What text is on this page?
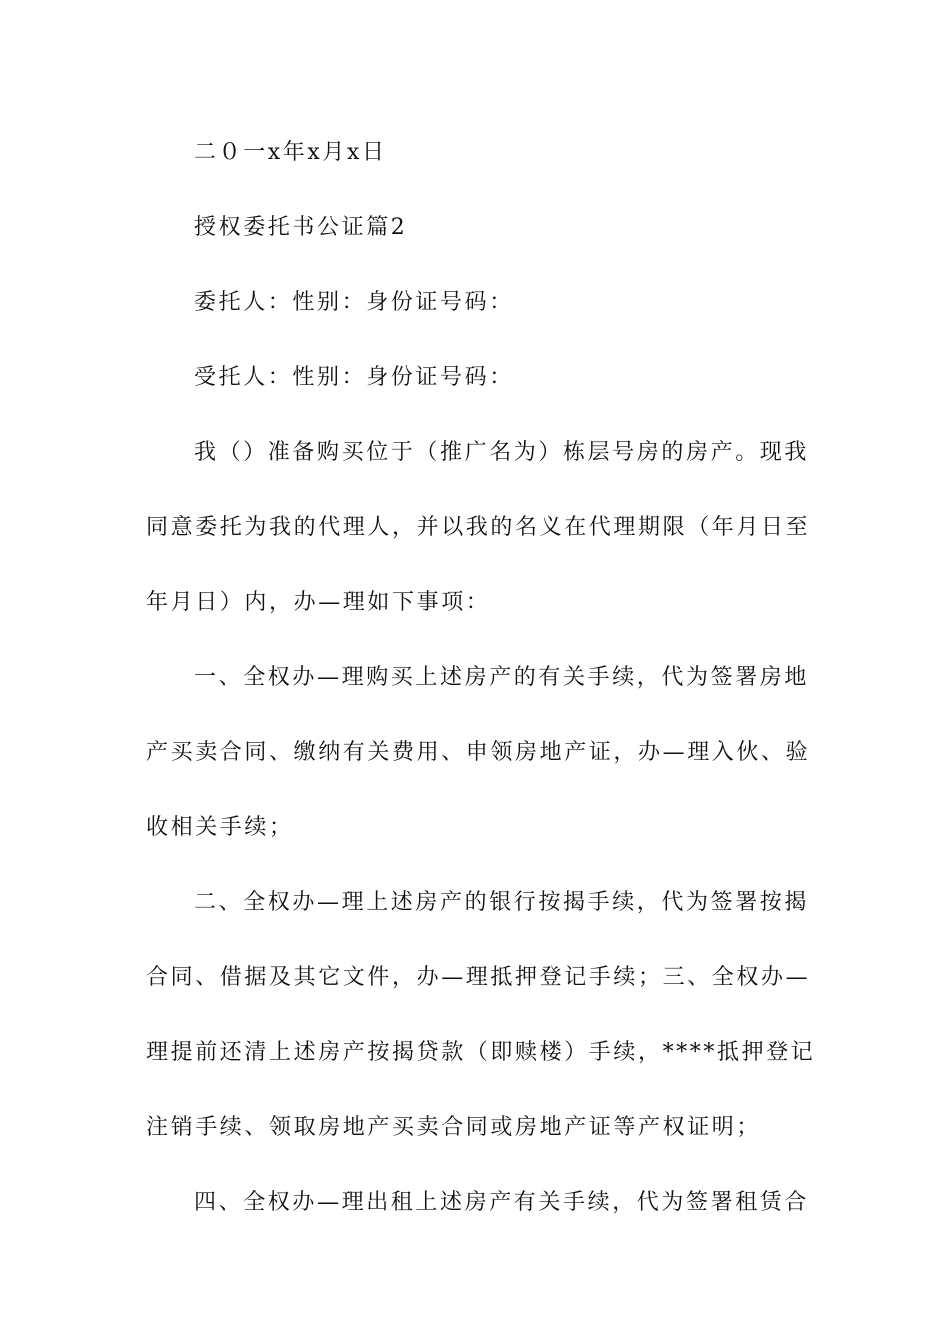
二０一x年x月x日

授权委托书公证篇2

委托人：性别：身份证号码：

受托人：性别：身份证号码：

我（）准备购买位于（推广名为）栋层号房的房产。现我
同意委托为我的代理人，并以我的名义在代理期限（年月日至
年月日）内，办—理如下事项：
一、全权办—理购买上述房产的有关手续，代为签署房地
产买卖合同、缴纳有关费用、申领房地产证，办—理入伙、验
收相关手续；
二、全权办—理上述房产的银行按揭手续，代为签署按揭
合同、借据及其它文件，办—理抵押登记手续；三、全权办—
理提前还清上述房产按揭贷款（即赎楼）手续，****抵押登记
注销手续、领取房地产买卖合同或房地产证等产权证明；
四、全权办—理出租上述房产有关手续，代为签署租赁合
